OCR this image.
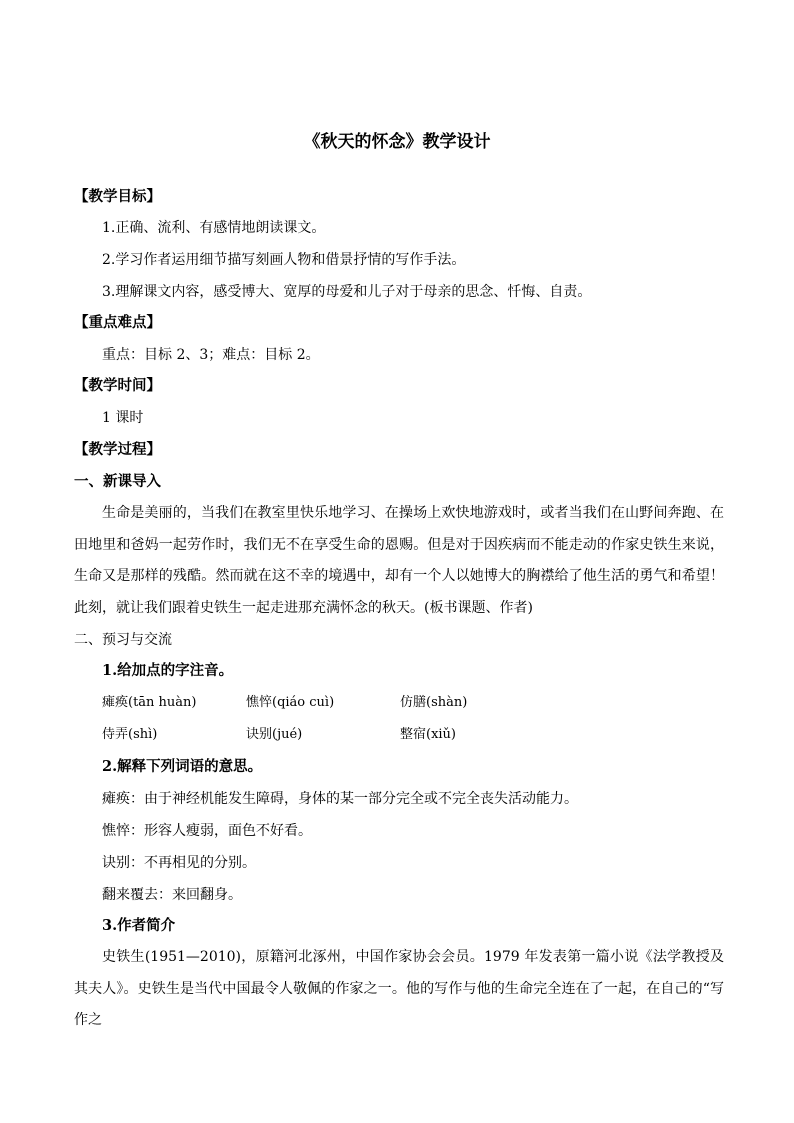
《秋天的怀念》教学设计
【教学目标】
1.正确、流利、有感情地朗读课文。
2.学习作者运用细节描写刻画人物和借景抒情的写作手法。
3.理解课文内容，感受博大、宽厚的母爱和儿子对于母亲的思念、忏悔、自责。
【重点难点】
重点：目标 2、3；难点：目标 2。
【教学时间】
1 课时
【教学过程】
一、新课导入
生命是美丽的，当我们在教室里快乐地学习、在操场上欢快地游戏时，或者当我们在山野间奔跑、在田地里和爸妈一起劳作时，我们无不在享受生命的恩赐。但是对于因疾病而不能走动的作家史铁生来说，生命又是那样的残酷。然而就在这不幸的境遇中，却有一个人以她博大的胸襟给了他生活的勇气和希望！此刻，就让我们跟着史铁生一起走进那充满怀念的秋天。(板书课题、作者)
二、预习与交流
1.给加点的字注音。
瘫痪(tān huàn)	憔悴(qiáo cuì)	仿膳(shàn)
侍弄(shì)	诀别(jué)	整宿(xiǔ)
2.解释下列词语的意思。
瘫痪：由于神经机能发生障碍，身体的某一部分完全或不完全丧失活动能力。
憔悴：形容人瘦弱，面色不好看。
诀别：不再相见的分别。
翻来覆去：来回翻身。
3.作者简介
史铁生(1951—2010)，原籍河北涿州，中国作家协会会员。1979 年发表第一篇小说《法学教授及其夫人》。史铁生是当代中国最令人敬佩的作家之一。他的写作与他的生命完全连在了一起，在自己的“写作之
